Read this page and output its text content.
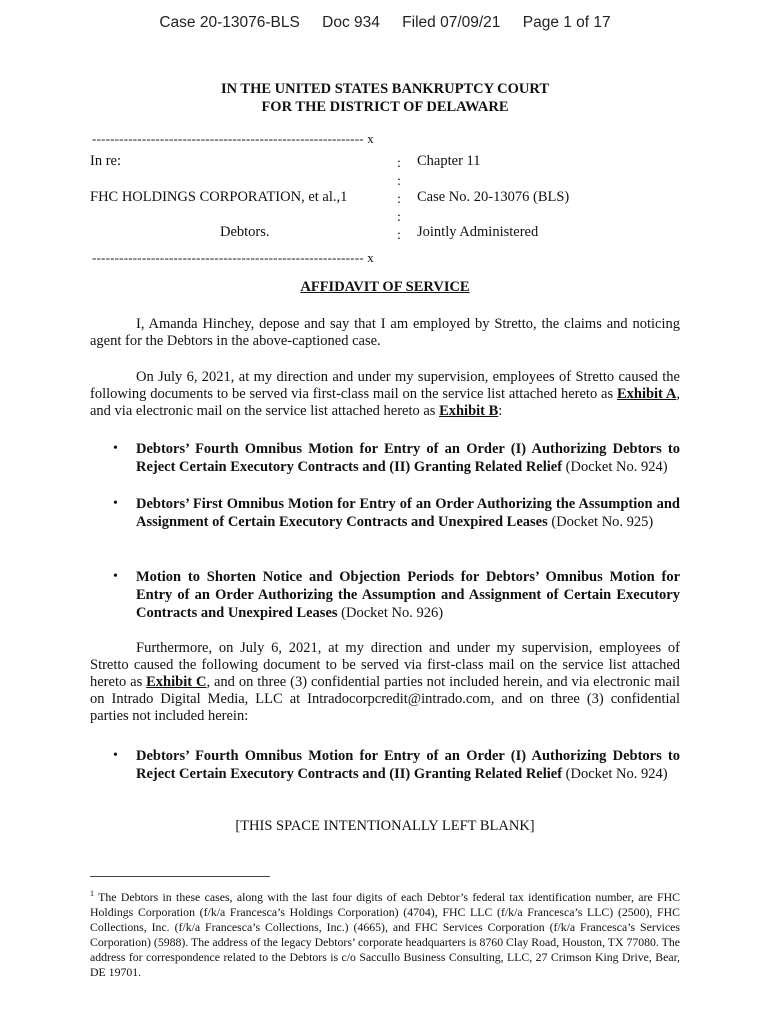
Case 20-13076-BLS Doc 934 Filed 07/09/21 Page 1 of 17
IN THE UNITED STATES BANKRUPTCY COURT
FOR THE DISTRICT OF DELAWARE
------------------------------------------------------------ x
In re:
FHC HOLDINGS CORPORATION, et al.,1
Debtors.
:
:
:
:
:
Chapter 11
Case No. 20-13076 (BLS)
Jointly Administered
------------------------------------------------------------ x
AFFIDAVIT OF SERVICE
I, Amanda Hinchey, depose and say that I am employed by Stretto, the claims and noticing agent for the Debtors in the above-captioned case.
On July 6, 2021, at my direction and under my supervision, employees of Stretto caused the following documents to be served via first-class mail on the service list attached hereto as Exhibit A, and via electronic mail on the service list attached hereto as Exhibit B:
• Debtors’ Fourth Omnibus Motion for Entry of an Order (I) Authorizing Debtors to Reject Certain Executory Contracts and (II) Granting Related Relief (Docket No. 924)
• Debtors’ First Omnibus Motion for Entry of an Order Authorizing the Assumption and Assignment of Certain Executory Contracts and Unexpired Leases (Docket No. 925)
• Motion to Shorten Notice and Objection Periods for Debtors’ Omnibus Motion for Entry of an Order Authorizing the Assumption and Assignment of Certain Executory Contracts and Unexpired Leases (Docket No. 926)
Furthermore, on July 6, 2021, at my direction and under my supervision, employees of Stretto caused the following document to be served via first-class mail on the service list attached hereto as Exhibit C, and on three (3) confidential parties not included herein, and via electronic mail on Intrado Digital Media, LLC at Intradocorpcredit@intrado.com, and on three (3) confidential parties not included herein:
• Debtors’ Fourth Omnibus Motion for Entry of an Order (I) Authorizing Debtors to Reject Certain Executory Contracts and (II) Granting Related Relief (Docket No. 924)
[THIS SPACE INTENTIONALLY LEFT BLANK]
$^1$ The Debtors in these cases, along with the last four digits of each Debtor’s federal tax identification number, are FHC Holdings Corporation (f/k/a Francesca’s Holdings Corporation) (4704), FHC LLC (f/k/a Francesca’s LLC) (2500), FHC Collections, Inc. (f/k/a Francesca’s Collections, Inc.) (4665), and FHC Services Corporation (f/k/a Francesca’s Services Corporation) (5988). The address of the legacy Debtors’ corporate headquarters is 8760 Clay Road, Houston, TX 77080. The address for correspondence related to the Debtors is c/o Saccullo Business Consulting, LLC, 27 Crimson King Drive, Bear, DE 19701.
